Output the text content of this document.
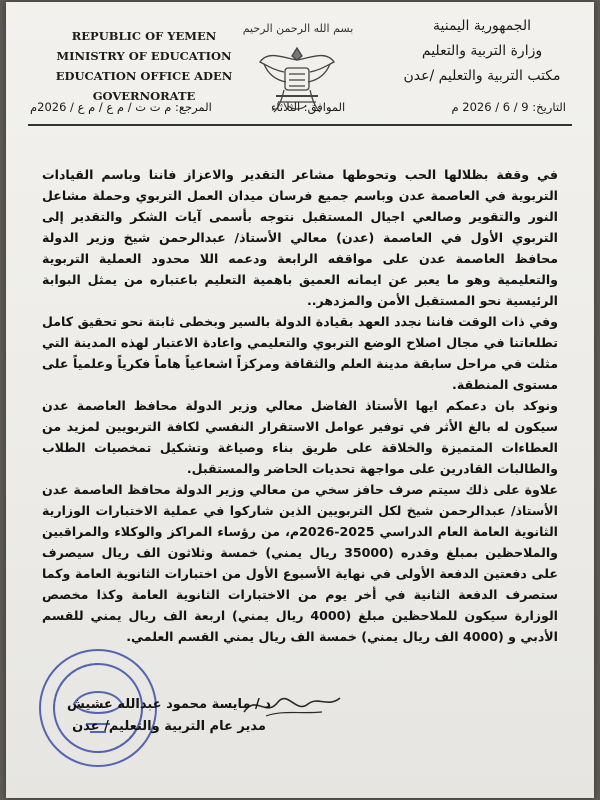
REPUBLIC OF YEMEN
MINISTRY OF EDUCATION
EDUCATION OFFICE ADEN
GOVERNORATE
بسم الله الرحمن الرحيم	الجمهورية اليمنية
وزارة التربية والتعليم
مكتب التربية والتعليم /عدن
المرجع: م ت ت / م ع / م ع / 2026م	الموافق: الثلاثاء	التاريخ: 9 / 6 / 2026 م

في وقفة بظلالها الحب وتحوطها مشاعر التقدير والاعزاز فاننا وباسم القيادات التربوية في العاصمة عدن وباسم جميع فرسان ميدان العمل التربوي وحملة مشاعل النور والتقوير وصالعي اجيال المستقبل نتوجه بأسمى آيات الشكر والتقدير إلى التربوي الأول في العاصمة (عدن) معالي الأستاذ/ عبدالرحمن شيخ وزير الدولة محافظ العاصمة عدن على مواقفه الرابعة ودعمه اللا محدود العملية التربوية والتعليمية وهو ما يعبر عن ايمانه العميق باهمية التعليم باعتباره من يمثل البوابة الرئيسية نحو المستقبل الأمن والمزدهر..

وفي ذات الوقت فاننا نجدد العهد بقيادة الدولة بالسير وبخطى ثابتة نحو تحقيق كامل تطلعاتنا في مجال اصلاح الوضع التربوي والتعليمي واعادة الاعتبار لهذه المدينة التي مثلت في مراحل سابقة مدينة العلم والثقافة ومركزاً اشعاعياً هاماً فكرياً وعلمياً على مستوى المنطقة.

ونوكد بان دعمكم ايها الأستاذ الفاضل معالي وزير الدولة محافظ العاصمة عدن سيكون له بالغ الأثر في توفير عوامل الاستقرار النفسي لكافة التربويين لمزيد من العطاءات المتميزة والخلاقة على طريق بناء وصياغة وتشكيل تمخصيات الطلاب والطالبات القادرين على مواجهة تحديات الحاضر والمستقبل.

علاوة على ذلك سيتم صرف حافز سخي من معالي وزير الدولة محافظ العاصمة عدن الأستاذ/ عبدالرحمن شيخ لكل التربويين الذين شاركوا في عملية الاختبارات الوزارية الثانوية العامة العام الدراسي 2025-2026م، من رؤساء المراكز والوكلاء والمراقبين والملاحظين بمبلغ وقدره (35000 ريال يمني) خمسة وثلاثون الف ريال سيصرف على دفعتين الدفعة الأولى في نهاية الأسبوع الأول من اختبارات الثانوية العامة وكما ستصرف الدفعة الثانية في أخر يوم من الاختبارات الثانوية العامة وكذا مخصص الوزارة سيكون للملاحظين مبلغ (4000 ريال يمني) اربعة الف ريال يمني للقسم الأدبي و (4000 الف ريال يمني) خمسة الف ريال يمني القسم العلمي.

د / مايسة محمود عبدالله عشيش
مدير عام التربية والتعليم/ عدن
